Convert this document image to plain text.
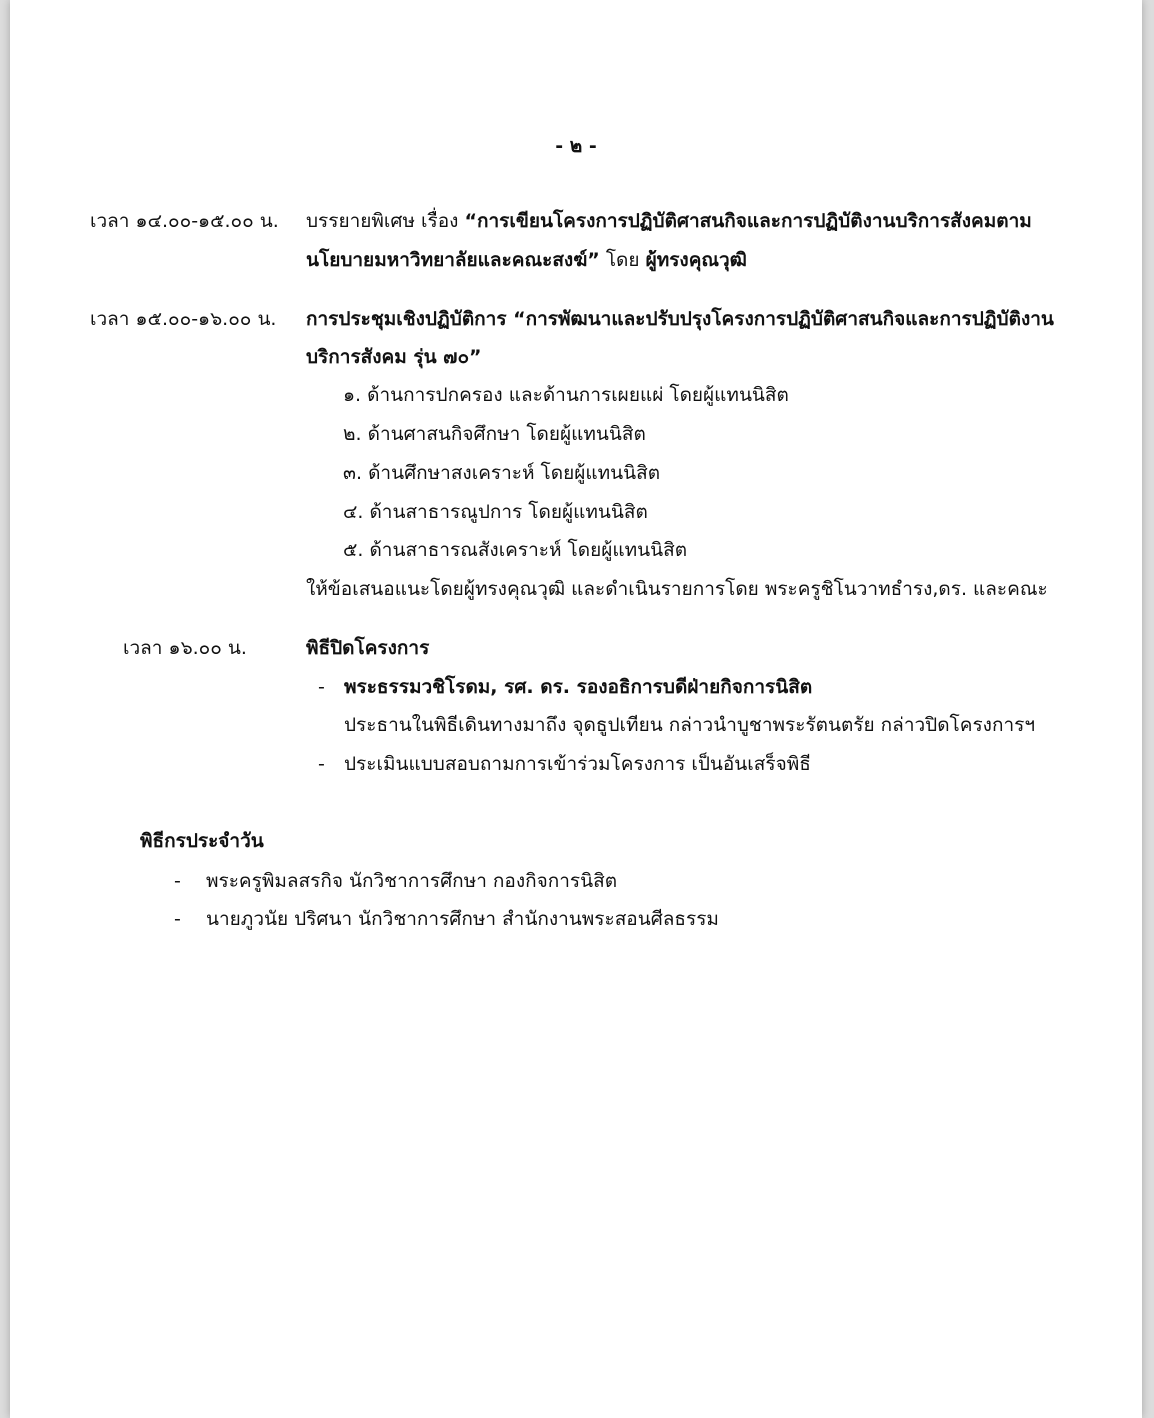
- ๒ -
เวลา ๑๔.๐๐-๑๕.๐๐ น. บรรยายพิเศษ เรื่อง “การเขียนโครงการปฏิบัติศาสนกิจและการปฏิบัติงานบริการสังคมตาม
นโยบายมหาวิทยาลัยและคณะสงฆ์” โดย ผู้ทรงคุณวุฒิ
เวลา ๑๕.๐๐-๑๖.๐๐ น. การประชุมเชิงปฏิบัติการ “การพัฒนาและปรับปรุงโครงการปฏิบัติศาสนกิจและการปฏิบัติงาน
บริการสังคม รุ่น ๗๐”
๑. ด้านการปกครอง และด้านการเผยแผ่ โดยผู้แทนนิสิต
๒. ด้านศาสนกิจศึกษา โดยผู้แทนนิสิต
๓. ด้านศึกษาสงเคราะห์ โดยผู้แทนนิสิต
๔. ด้านสาธารณูปการ โดยผู้แทนนิสิต
๕. ด้านสาธารณสังเคราะห์ โดยผู้แทนนิสิต
ให้ข้อเสนอแนะโดยผู้ทรงคุณวุฒิ และดำเนินรายการโดย พระครูชิโนวาทธำรง,ดร. และคณะ
เวลา ๑๖.๐๐ น.	พิธีปิดโครงการ
- พระธรรมวชิโรดม, รศ. ดร. รองอธิการบดีฝ่ายกิจการนิสิต
ประธานในพิธีเดินทางมาถึง จุดธูปเทียน กล่าวนำบูชาพระรัตนตรัย กล่าวปิดโครงการฯ
- ประเมินแบบสอบถามการเข้าร่วมโครงการ เป็นอันเสร็จพิธี
พิธีกรประจำวัน
- พระครูพิมลสรกิจ นักวิชาการศึกษา กองกิจการนิสิต
- นายภูวนัย ปริศนา นักวิชาการศึกษา สำนักงานพระสอนศีลธรรม
